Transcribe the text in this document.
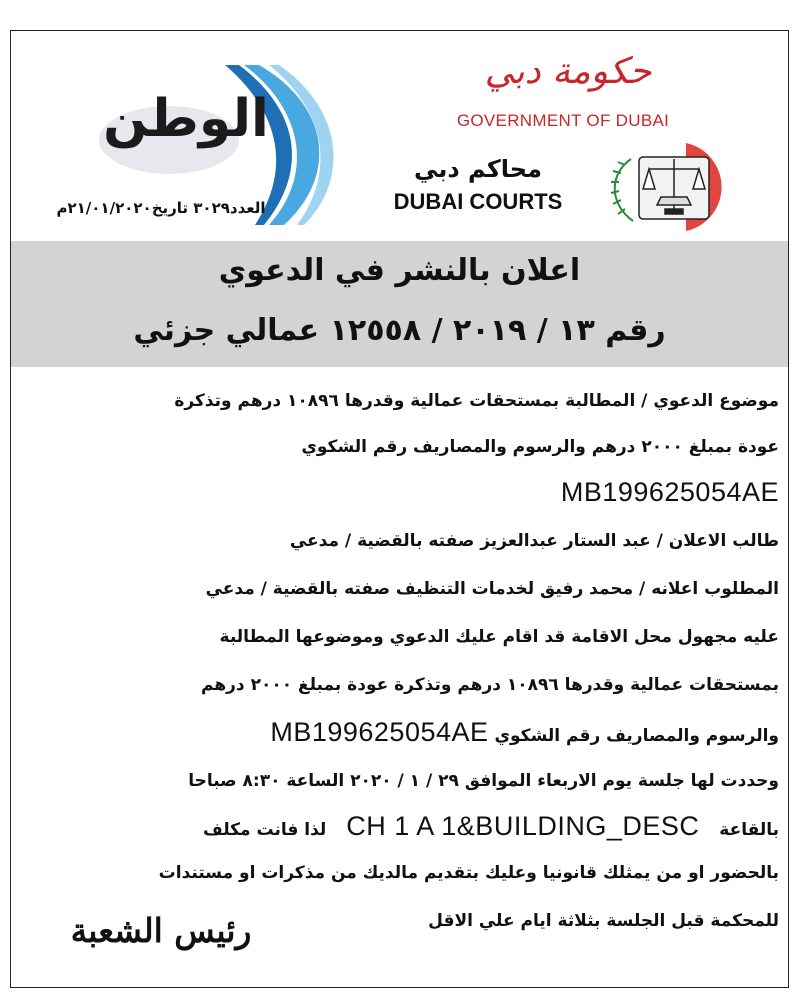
الوطن
العدد٣٠٢٩ تاريخ٢١/٠١/٢٠٢٠م
حكومة دبي
GOVERNMENT OF DUBAI
محاكم دبي
DUBAI COURTS
اعلان بالنشر في الدعوي
رقم ١٣ / ٢٠١٩ / ١٢٥٥٨ عمالي جزئي
موضوع الدعوي / المطالبة بمستحقات عمالية وقدرها ١٠٨٩٦ درهم وتذكرة
عودة بمبلغ ٢٠٠٠ درهم والرسوم والمصاريف رقم الشكوي
MB199625054AE
طالب الاعلان / عبد الستار عبدالعزيز صفته بالقضية / مدعي
المطلوب اعلانه / محمد رفيق لخدمات التنظيف صفته بالقضية / مدعي
عليه مجهول محل الاقامة قد اقام عليك الدعوي وموضوعها المطالبة
بمستحقات عمالية وقدرها ١٠٨٩٦ درهم وتذكرة عودة بمبلغ ٢٠٠٠ درهم
والرسوم والمصاريف رقم الشكوي MB199625054AE
وحددت لها جلسة يوم الاربعاء الموافق ٢٩ / ١ / ٢٠٢٠ الساعة ٨:٣٠ صباحا
بالقاعة CH 1 A 1&BUILDING_DESC لذا فانت مكلف
بالحضور او من يمثلك قانونيا وعليك بتقديم مالديك من مذكرات او مستندات
للمحكمة قبل الجلسة بثلاثة ايام علي الاقل
رئيس الشعبة
